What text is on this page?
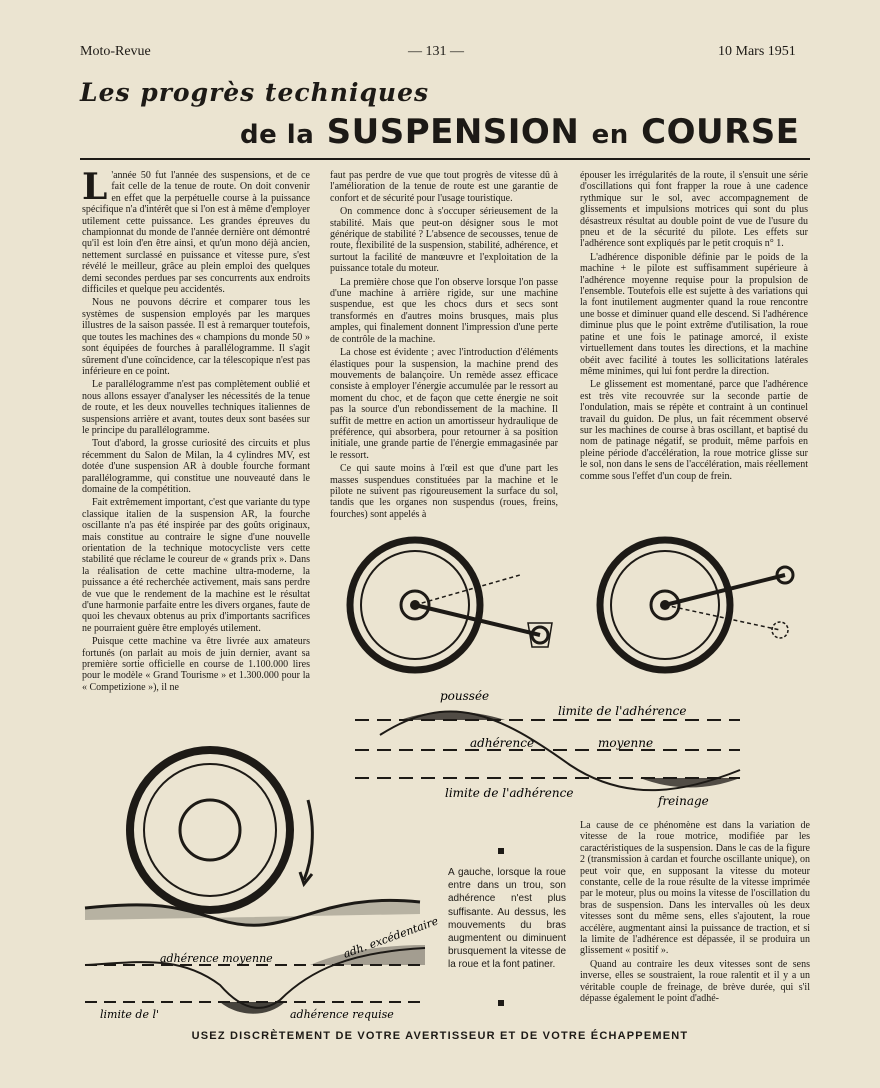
Moto-Revue	— 131 —	10 Mars 1951
Les progrès techniques
de la SUSPENSION en COURSE
L 'année 50 fut l'année des suspensions, et de ce fait celle de la tenue de route. On doit convenir en effet que la perpétuelle course à la puissance spécifique n'a d'intérêt que si l'on est à même d'employer utilement cette puissance. Les grandes épreuves du championnat du monde de l'année dernière ont démontré qu'il est loin d'en être ainsi, et qu'un mono déjà ancien, nettement surclassé en puissance et vitesse pure, s'est révélé le meilleur, grâce au plein emploi des quelques demi secondes perdues par ses concurrents aux endroits difficiles et quelque peu accidentés.

Nous ne pouvons décrire et comparer tous les systèmes de suspension employés par les marques illustres de la saison passée. Il est à remarquer toutefois, que toutes les machines des « champions du monde 50 » sont équipées de fourches à parallélogramme. Il s'agit sûrement d'une coïncidence, car la télescopique n'est pas inférieure en ce point.

Le parallélogramme n'est pas complètement oublié et nous allons essayer d'analyser les nécessités de la tenue de route, et les deux nouvelles techniques italiennes de suspensions arrière et avant, toutes deux sont basées sur le principe du parallélogramme.

Tout d'abord, la grosse curiosité des circuits et plus récemment du Salon de Milan, la 4 cylindres MV, est dotée d'une suspension AR à double fourche formant parallélogramme, qui constitue une nouveauté dans le domaine de la compétition.

Fait extrêmement important, c'est que variante du type classique italien de la suspension AR, la fourche oscillante n'a pas été inspirée par des goûts originaux, mais constitue au contraire le signe d'une nouvelle orientation de la technique motocycliste vers cette stabilité que réclame le coureur de « grands prix ». Dans la réalisation de cette machine ultra-moderne, la puissance a été recherchée activement, mais sans perdre de vue que le rendement de la machine est le résultat d'une harmonie parfaite entre les divers organes, faute de quoi les chevaux obtenus au prix d'importants sacrifices ne pourraient guère être employés utilement.

Puisque cette machine va être livrée aux amateurs fortunés (on parlait au mois de juin dernier, avant sa première sortie officielle en course de 1.100.000 lires pour le modèle « Grand Tourisme » et 1.300.000 pour la « Competizione »), il ne

faut pas perdre de vue que tout progrès de vitesse dû à l'amélioration de la tenue de route est une garantie de confort et de sécurité pour l'usage touristique.

On commence donc à s'occuper sérieusement de la stabilité. Mais que peut-on désigner sous le mot générique de stabilité ? L'absence de secousses, tenue de route, flexibilité de la suspension, stabilité, adhérence, et surtout la facilité de manœuvre et l'exploitation de la puissance totale du moteur.

La première chose que l'on observe lorsque l'on passe d'une machine à arrière rigide, sur une machine suspendue, est que les chocs durs et secs sont transformés en d'autres moins brusques, mais plus amples, qui finalement donnent l'impression d'une perte de contrôle de la machine.

La chose est évidente ; avec l'introduction d'éléments élastiques pour la suspension, la machine prend des mouvements de balançoire. Un remède assez efficace consiste à employer l'énergie accumulée par le ressort au moment du choc, et de façon que cette énergie ne soit pas la source d'un rebondissement de la machine. Il suffit de mettre en action un amortisseur hydraulique de préférence, qui absorbera, pour retourner à sa position initiale, une grande partie de l'énergie emmagasinée par le ressort.

Ce qui saute moins à l'œil est que d'une part les masses suspendues constituées par la machine et le pilote ne suivent pas rigoureusement la surface du sol, tandis que les organes non suspendus (roues, freins, fourches) sont appelés à

épouser les irrégularités de la route, il s'ensuit une série d'oscillations qui font frapper la roue à une cadence rythmique sur le sol, avec accompagnement de glissements et impulsions motrices qui sont du plus désastreux résultat au double point de vue de l'usure du pneu et de la sécurité du pilote. Les effets sur l'adhérence sont expliqués par le petit croquis n° 1.

L'adhérence disponible définie par le poids de la machine + le pilote est suffisamment supérieure à l'adhérence moyenne requise pour la propulsion de l'ensemble. Toutefois elle est sujette à des variations qui la font inutilement augmenter quand la roue rencontre une bosse et diminuer quand elle descend. Si l'adhérence diminue plus que le point extrême d'utilisation, la roue patine et une fois le patinage amorcé, il existe virtuellement dans toutes les directions, et la machine obéit avec facilité à toutes les sollicitations latérales même minimes, qui lui font perdre la direction.

Le glissement est momentané, parce que l'adhérence est très vite recouvrée sur la seconde partie de l'ondulation, mais se répète et contraint à un continuel travail du guidon. De plus, un fait récemment observé sur les machines de course à bras oscillant, et baptisé du nom de patinage négatif, se produit, même parfois en pleine période d'accélération, la roue motrice glisse sur le sol, non dans le sens de l'accélération, mais réellement comme sous l'effet d'un coup de frein.

La cause de ce phénomène est dans la variation de vitesse de la roue motrice, modifiée par les caractéristiques de la suspension. Dans le cas de la figure 2 (transmission à cardan et fourche oscillante unique), on peut voir que, en supposant la vitesse du moteur constante, celle de la roue résulte de la vitesse imprimée par le moteur, plus ou moins la vitesse de l'oscillation du bras de suspension. Dans les intervalles où les deux vitesses sont du même sens, elles s'ajoutent, la roue accélère, augmentant ainsi la puissance de traction, et si la limite de l'adhérence est dépassée, il se produira un glissement « positif ».

Quand au contraire les deux vitesses sont de sens inverse, elles se soustraient, la roue ralentit et il y a un véritable couple de freinage, de brève durée, qui s'il dépasse également le point d'adhé-

poussée
limite de l'adhérence
adhérence	moyenne
limite de l'adhérence
freinage
adh. excédentaire
adhérence moyenne
limite de l'	adhérence requise
A gauche, lorsque la roue entre dans un trou, son adhérence n'est plus suffisante. Au dessus, les mouvements du bras augmentent ou diminuent brusquement la vitesse de la roue et la font patiner.
USEZ DISCRÈTEMENT DE VOTRE AVERTISSEUR ET DE VOTRE ÉCHAPPEMENT
